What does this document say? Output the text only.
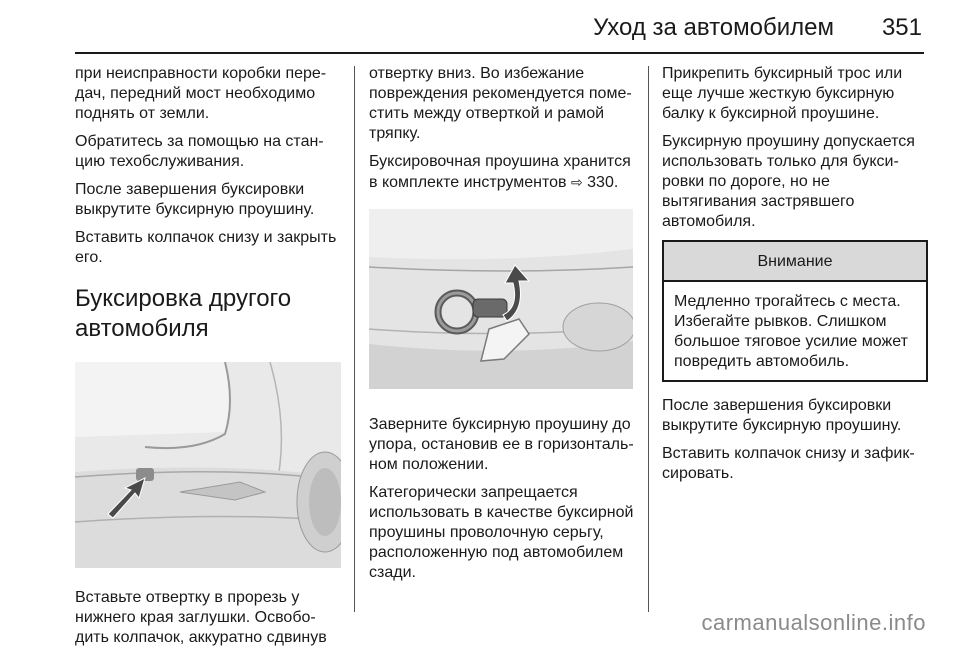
Уход за автомобилем 351

при неисправности коробки пере- дач, передний мост необходимо поднять от земли.

Обратитесь за помощью на стан- цию техобслуживания.

После завершения буксировки выкрутите буксирную проушину.

Вставить колпачок снизу и закрыть его.

Буксировка другого автомобиля

Вставьте отвертку в прорезь у нижнего края заглушки. Освобо- дить колпачок, аккуратно сдвинув

отвертку вниз. Во избежание повреждения рекомендуется поме- стить между отверткой и рамой тряпку.

Буксировочная проушина хранится в комплекте инструментов ⇨ 330.

Заверните буксирную проушину до упора, остановив ее в горизонталь- ном положении.

Категорически запрещается использовать в качестве буксирной проушины проволочную серьгу, расположенную под автомобилем сзади.

Прикрепить буксирный трос или еще лучше жесткую буксирную балку к буксирной проушине.

Буксирную проушину допускается использовать только для букси- ровки по дороге, но не вытягивания застрявшего автомобиля.

Внимание
Медленно трогайтесь с места. Избегайте рывков. Слишком большое тяговое усилие может повредить автомобиль.

После завершения буксировки выкрутите буксирную проушину.

Вставить колпачок снизу и зафик- сировать.

carmanualsonline.info
